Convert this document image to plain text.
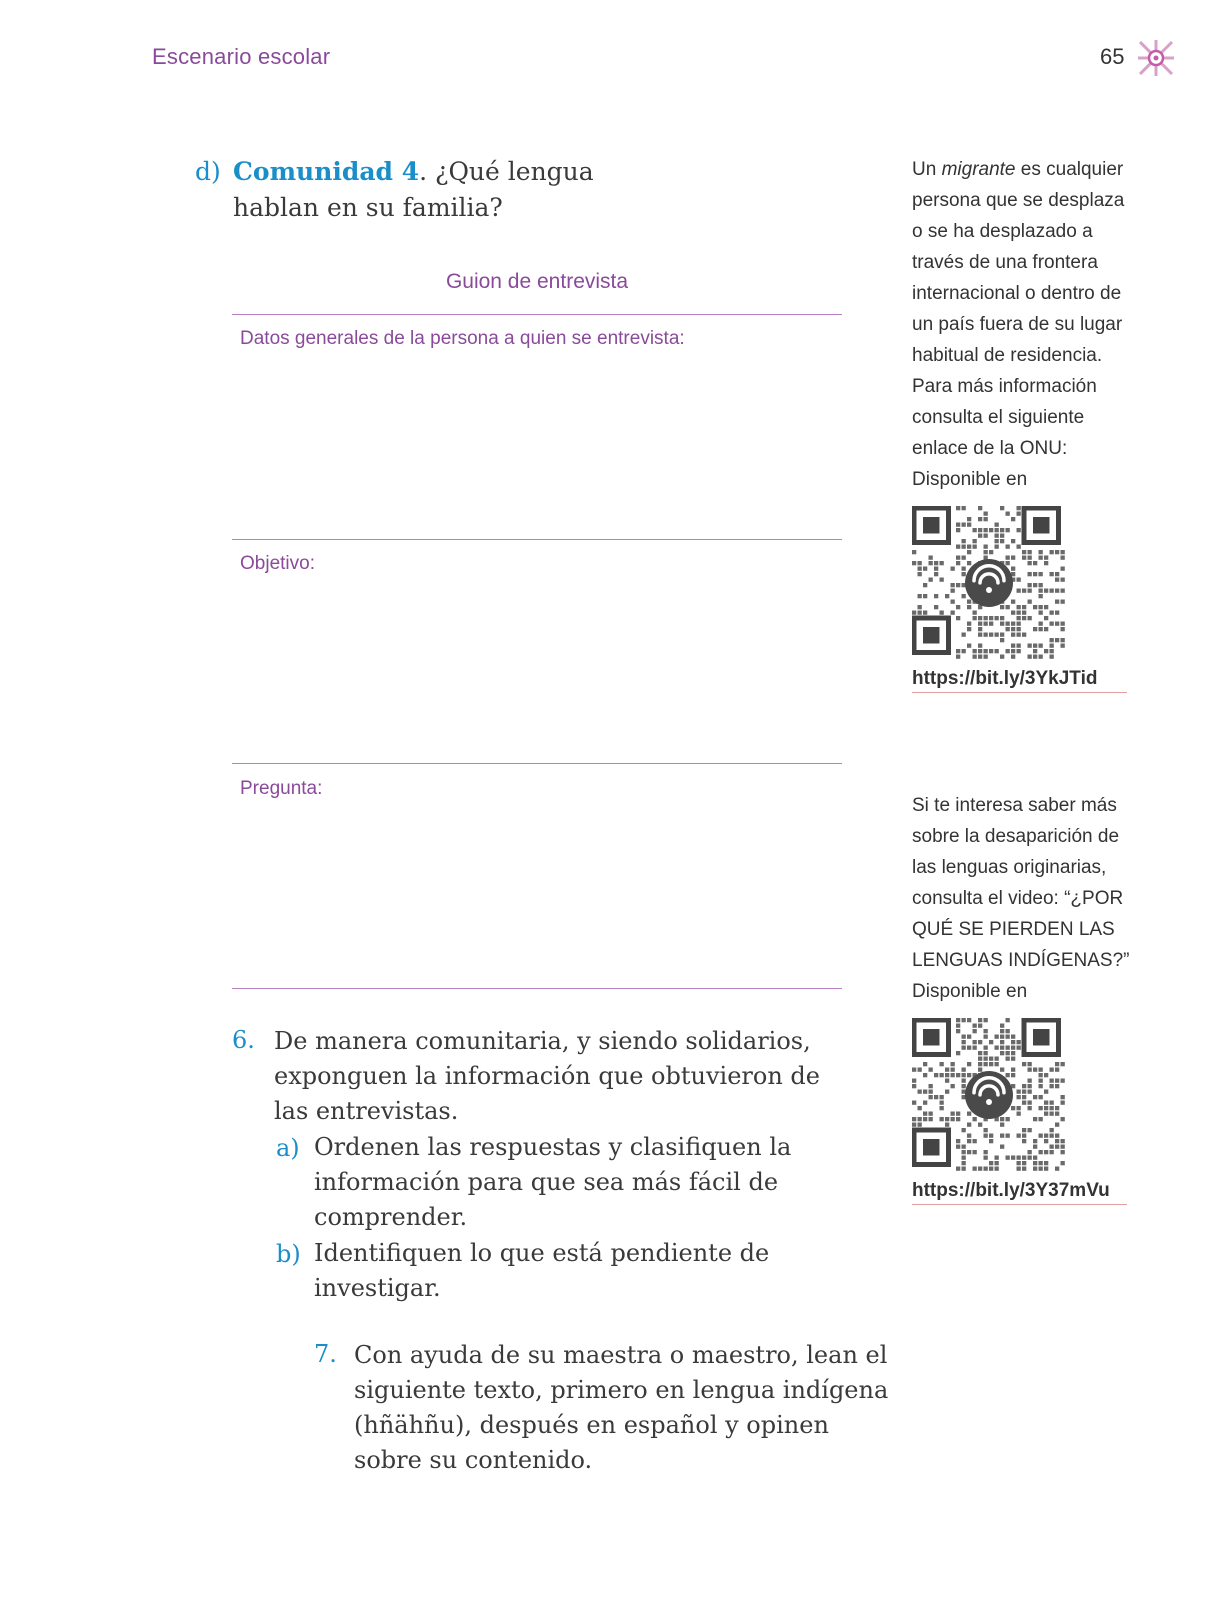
Escenario escolar	65
d) Comunidad 4. ¿Qué lengua
hablan en su familia?
Guion de entrevista
Datos generales de la persona a quien se entrevista:
Objetivo:
Pregunta:
6. De manera comunitaria, y siendo solidarios,
exponguen la información que obtuvieron de
las entrevistas.
a) Ordenen las respuestas y clasifiquen la
información para que sea más fácil de
comprender.
b) Identifiquen lo que está pendiente de
investigar.
7. Con ayuda de su maestra o maestro, lean el
siguiente texto, primero en lengua indígena
(hñähñu), después en español y opinen
sobre su contenido.
Un migrante es cualquier
persona que se desplaza
o se ha desplazado a
través de una frontera
internacional o dentro de
un país fuera de su lugar
habitual de residencia.
Para más información
consulta el siguiente
enlace de la ONU:
Disponible en
https://bit.ly/3YkJTid
Si te interesa saber más
sobre la desaparición de
las lenguas originarias,
consulta el video: “¿POR
QUÉ SE PIERDEN LAS
LENGUAS INDÍGENAS?”
Disponible en
https://bit.ly/3Y37mVu
